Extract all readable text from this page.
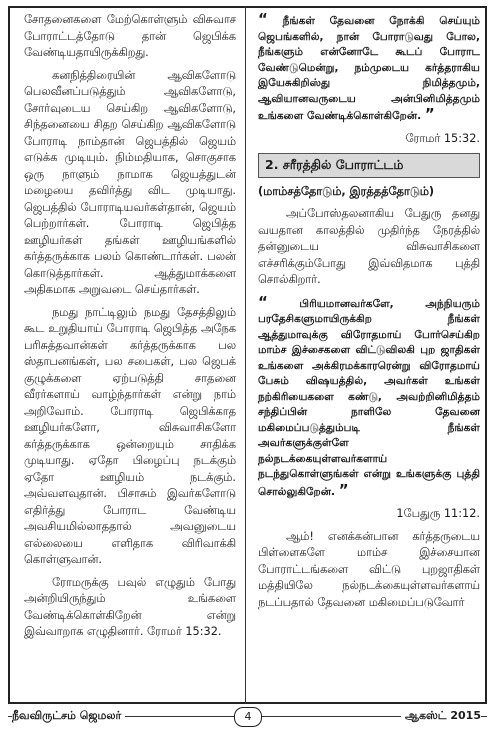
சோதனைகளை மேற்கொள்ளும் விசுவாச போராட்டத்தோடு தான் ஜெபிக்க வேண்டியதாயிருக்கிறது.

கனநித்திரையின் ஆவிகளோடு பெலவீனப்படுத்தும் ஆவிகளோடு, சோர்வுடைய செய்கிற ஆவிகளோடு, சிந்தனையை சிதற செய்கிற ஆவிகளோடு போராடி நாம்தான் ஜெபத்தில் ஜெயம் எடுக்க முடியும். நிம்மதியாக, சொகுசாக ஒரு நாளும் நாமாக ஜெயத்துடன் மழையை தவிர்த்து விட முடியாது. ஜெபத்தில் போராடியவர்கள்தான், ஜெயம் பெற்றார்கள். போராடி ஜெபித்த ஊழியர்கள் தங்கள் ஊழியங்களில் கர்த்தருக்காக பலம் கொண்டார்கள். பலன் கொடுத்தார்கள். ஆத்துமாக்களை அதிகமாக அறுவடை செய்தார்கள்.

நமது நாட்டிலும் நமது தேசத்திலும் கூட உறுதியாய் போராடி ஜெபித்த அநேக பரிசுத்தவான்கள் கர்த்தருக்காக பல ஸ்தாபனங்கள், பல சபைகள், பல ஜெபக் குழுக்களை ஏற்படுத்தி சாதனை வீரர்களாய் வாழ்ந்தார்கள் என்று நாம் அறிவோம். போராடி ஜெபிக்காத ஊழியர்களோ, விசுவாசிகளோ கர்த்தருக்காக ஒன்றையும் சாதிக்க முடியாது. ஏதோ பிழைப்பு நடக்கும் ஏதோ ஊழியம் நடக்கும். அவ்வளவுதான். பிசாசும் இவர்களோடு எதிர்த்து போராட வேண்டிய அவசியமில்லாததால் அவனுடைய எல்லையை எளிதாக விரிவாக்கி கொள்ளுவான்.

ரோமருக்கு பவுல் எழுதும் போது அன்றியிருந்தும் உங்களை வேண்டிக்கொள்கிறேன் என்று இவ்வாறாக எழுதினார். ரோமர் 15:32.

“ நீங்கள் தேவனை நோக்கி செய்யும் ஜெபங்களில், நான் போராடுவது போல, நீங்களும் என்னோடே கூடப் போராட வேண்டுமென்று, நம்முடைய கர்த்தராகிய இயேசுகிறிஸ்து நிமித்தமும், ஆவியானவருடைய அன்பினிமித்தமும் உங்களை வேண்டிக்கொள்கிறேன். ”

ரோமர் 15:32.

2. சரீரத்தில் போராட்டம்

(மாம்சத்தோடும், இரத்தத்தோடும்)

அப்போஸ்தலனாகிய பேதுரு தனது வயதான காலத்தில் முதிர்ந்த நேரத்தில் தன்னுடைய விசுவாசிகளை எச்சரிக்கும்போது இவ்விதமாக புத்தி சொல்கிறார்.

“	பிரியமானவர்களே, அந்நியரும் பரதேசிகளுமாயிருக்கிற நீங்கள் ஆத்துமாவுக்கு விரோதமாய் போர்செய்கிற மாம்ச இச்சைகளை விட்டுவிலகி புற ஜாதிகள் உங்களை அக்கிரமக்காரரென்று விரோதமாய் பேசும் விஷயத்தில், அவர்கள் உங்கள் நற்கிரியைகளை கண்டு, அவற்றினிமித்தம் சந்திப்பின் நாளிலே தேவனை மகிமைப்படுத்தும்படி நீங்கள் அவர்களுக்குள்ளே நல்நடக்கையுள்ளவர்களாய் நடந்துகொள்ளுங்கள் என்று உங்களுக்கு புத்தி சொல்லுகிறேன். ”

1பேதுரு 11:12.

ஆம்! எனக்கன்பான கர்த்தருடைய பிள்ளைகளே மாம்ச இச்சையான போராட்டங்களை விட்டு புறஜாதிகள் மத்தியிலே நல்நடக்கையுள்ளவர்களாய் நடப்பதால் தேவனை மகிமைப்படுவோர்

நீவவிருட்சம் ஜெமலர்	4	ஆகஸ்ட் 2015
